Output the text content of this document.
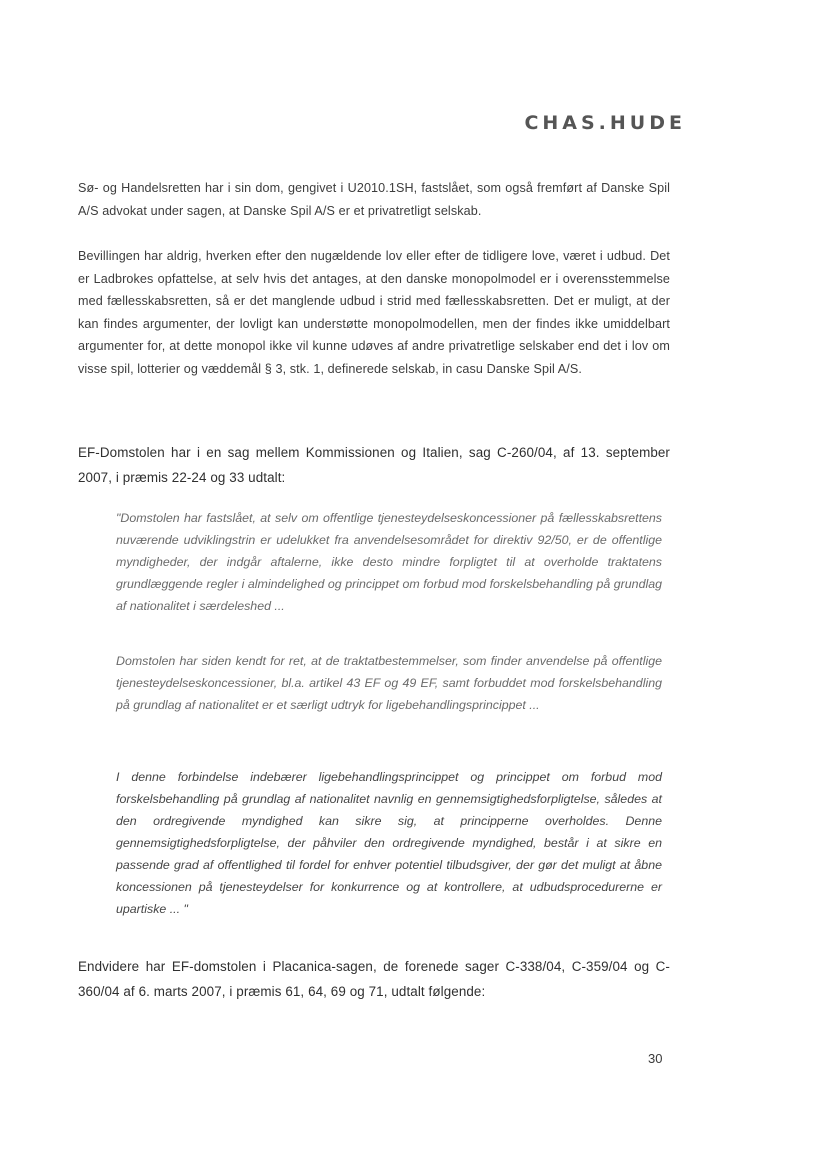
CHAS.HUDE

Sø- og Handelsretten har i sin dom, gengivet i U2010.1SH, fastslået, som også fremført af Danske Spil A/S advokat under sagen, at Danske Spil A/S er et privatretligt selskab.

Bevillingen har aldrig, hverken efter den nugældende lov eller efter de tidligere love, været i udbud. Det er Ladbrokes opfattelse, at selv hvis det antages, at den danske monopolmodel er i overensstemmelse med fællesskabsretten, så er det manglende udbud i strid med fællesskabsretten. Det er muligt, at der kan findes argumenter, der lovligt kan understøtte monopolmodellen, men der findes ikke umiddelbart argumenter for, at dette monopol ikke vil kunne udøves af andre privatretlige selskaber end det i lov om visse spil, lotterier og væddemål § 3, stk. 1, definerede selskab, in casu Danske Spil A/S.

EF-Domstolen har i en sag mellem Kommissionen og Italien, sag C-260/04, af 13. september 2007, i præmis 22-24 og 33 udtalt:

"Domstolen har fastslået, at selv om offentlige tjenesteydelseskoncessioner på fællesskabsrettens nuværende udviklingstrin er udelukket fra anvendelsesområdet for direktiv 92/50, er de offentlige myndigheder, der indgår aftalerne, ikke desto mindre forpligtet til at overholde traktatens grundlæggende regler i almindelighed og princippet om forbud mod forskelsbehandling på grundlag af nationalitet i særdeleshed ...

Domstolen har siden kendt for ret, at de traktatbestemmelser, som finder anvendelse på offentlige tjenesteydelseskoncessioner, bl.a. artikel 43 EF og 49 EF, samt forbuddet mod forskelsbehandling på grundlag af nationalitet er et særligt udtryk for ligebehandlingsprincippet ...

I denne forbindelse indebærer ligebehandlingsprincippet og princippet om forbud mod forskelsbehandling på grundlag af nationalitet navnlig en gennemsigtighedsforpligtelse, således at den ordregivende myndighed kan sikre sig, at principperne overholdes. Denne gennemsigtighedsforpligtelse, der påhviler den ordregivende myndighed, består i at sikre en passende grad af offentlighed til fordel for enhver potentiel tilbudsgiver, der gør det muligt at åbne koncessionen på tjenesteydelser for konkurrence og at kontrollere, at udbudsprocedurerne er upartiske ... "

Endvidere har EF-domstolen i Placanica-sagen, de forenede sager C-338/04, C-359/04 og C-360/04 af 6. marts 2007, i præmis 61, 64, 69 og 71, udtalt følgende:

30
